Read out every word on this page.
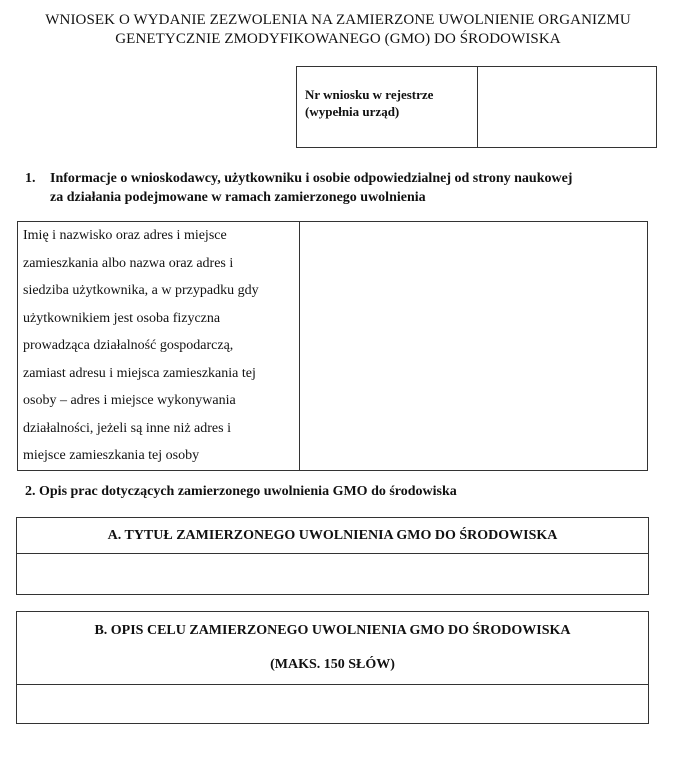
WNIOSEK O WYDANIE ZEZWOLENIA NA ZAMIERZONE UWOLNIENIE ORGANIZMU
GENETYCZNIE ZMODYFIKOWANEGO (GMO) DO ŚRODOWISKA
Nr wniosku w rejestrze
(wypełnia urząd)
1.	Informacje o wnioskodawcy, użytkowniku i osobie odpowiedzialnej od strony naukowej
za działania podejmowane w ramach zamierzonego uwolnienia
Imię i nazwisko oraz adres i miejsce
zamieszkania albo nazwa oraz adres i
siedziba użytkownika, a w przypadku gdy
użytkownikiem jest osoba fizyczna
prowadząca działalność gospodarczą,
zamiast adresu i miejsca zamieszkania tej
osoby – adres i miejsce wykonywania
działalności, jeżeli są inne niż adres i
miejsce zamieszkania tej osoby
2. Opis prac dotyczących zamierzonego uwolnienia GMO do środowiska
A. TYTUŁ ZAMIERZONEGO UWOLNIENIA GMO DO ŚRODOWISKA
B. OPIS CELU ZAMIERZONEGO UWOLNIENIA GMO DO ŚRODOWISKA
(MAKS. 150 SŁÓW)
